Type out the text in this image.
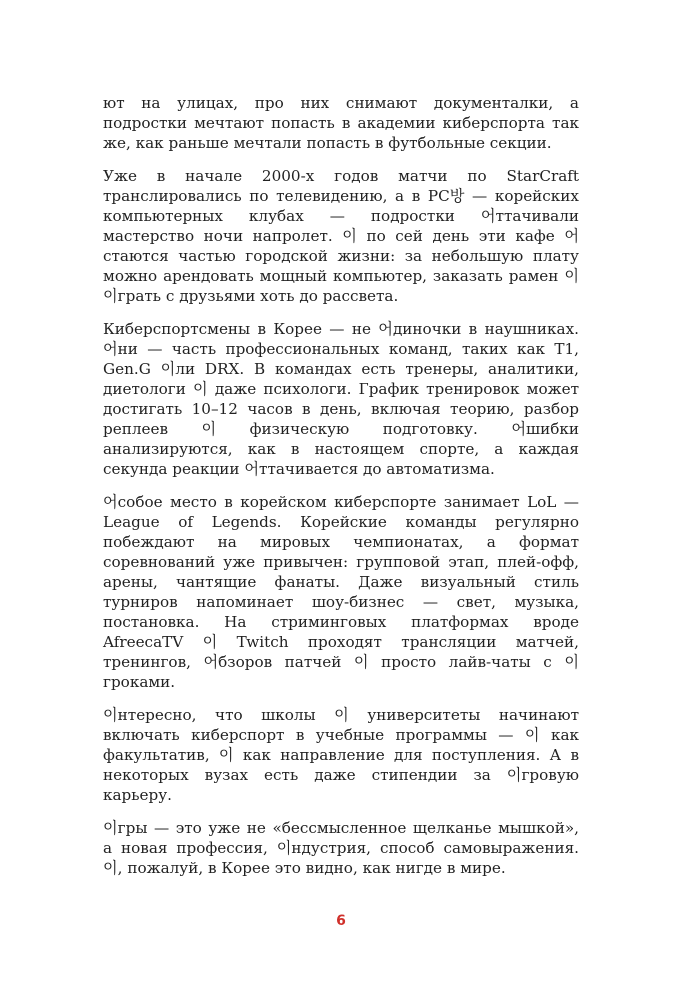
ют на улицах, про них снимают документалки, а подростки мечтают попасть в академии киберспорта так же, как раньше мечтали попасть в футбольные секции.

Уже в начале 2000-х годов матчи по StarCraft транслировались по телевидению, а в PC방 — корейских компьютерных клубах — подростки 어ттачивали мастерство ночи напролет. 이 по сей день эти кафе 어cтаются частью городской жизни: за небольшую плату можно арендовать мощный компьютер, заказать рамен 이 이грать с друзьями хоть до рассвета.

Киберспортсмены в Корее — не 어диночки в наушниках. 어ни — часть профессиональных команд, таких как T1, Gen.G 이ли DRX. В командах есть тренеры, аналитики, диетологи 이 даже психологи. График тренировок может достигать 10–12 часов в день, включая теорию, разбор реплеев 이 физическую подготовку. 어шибки анализируются, как в настоящем спорте, а каждая секунда реакции 어ттачивается до автоматизма.

어собое место в корейском киберспорте занимает LoL — League of Legends. Корейские команды регулярно побеждают на мировых чемпионатах, а формат соревнований уже привычен: групповой этап, плей-офф, арены, чантящие фанаты. Даже визуальный стиль турниров напоминает шоу-бизнес — свет, музыка, постановка. На стриминговых платформах вроде AfreecaTV 이 Twitch проходят трансляции матчей, тренингов, 어бзоров патчей 이 просто лайв-чаты с 이грoками.

이нтересно, что школы 이 университеты начинают включать киберспорт в учебные программы — 이 как факультатив, 이 как направление для поступления. А в некоторых вузах есть даже стипендии за 이гровую карьеру.

이гры — это уже не «бессмысленное щелканье мышкой», а новая профессия, 이ндустрия, способ самовыражения. 이, пожалуй, в Корее это видно, как нигде в мире.

6
